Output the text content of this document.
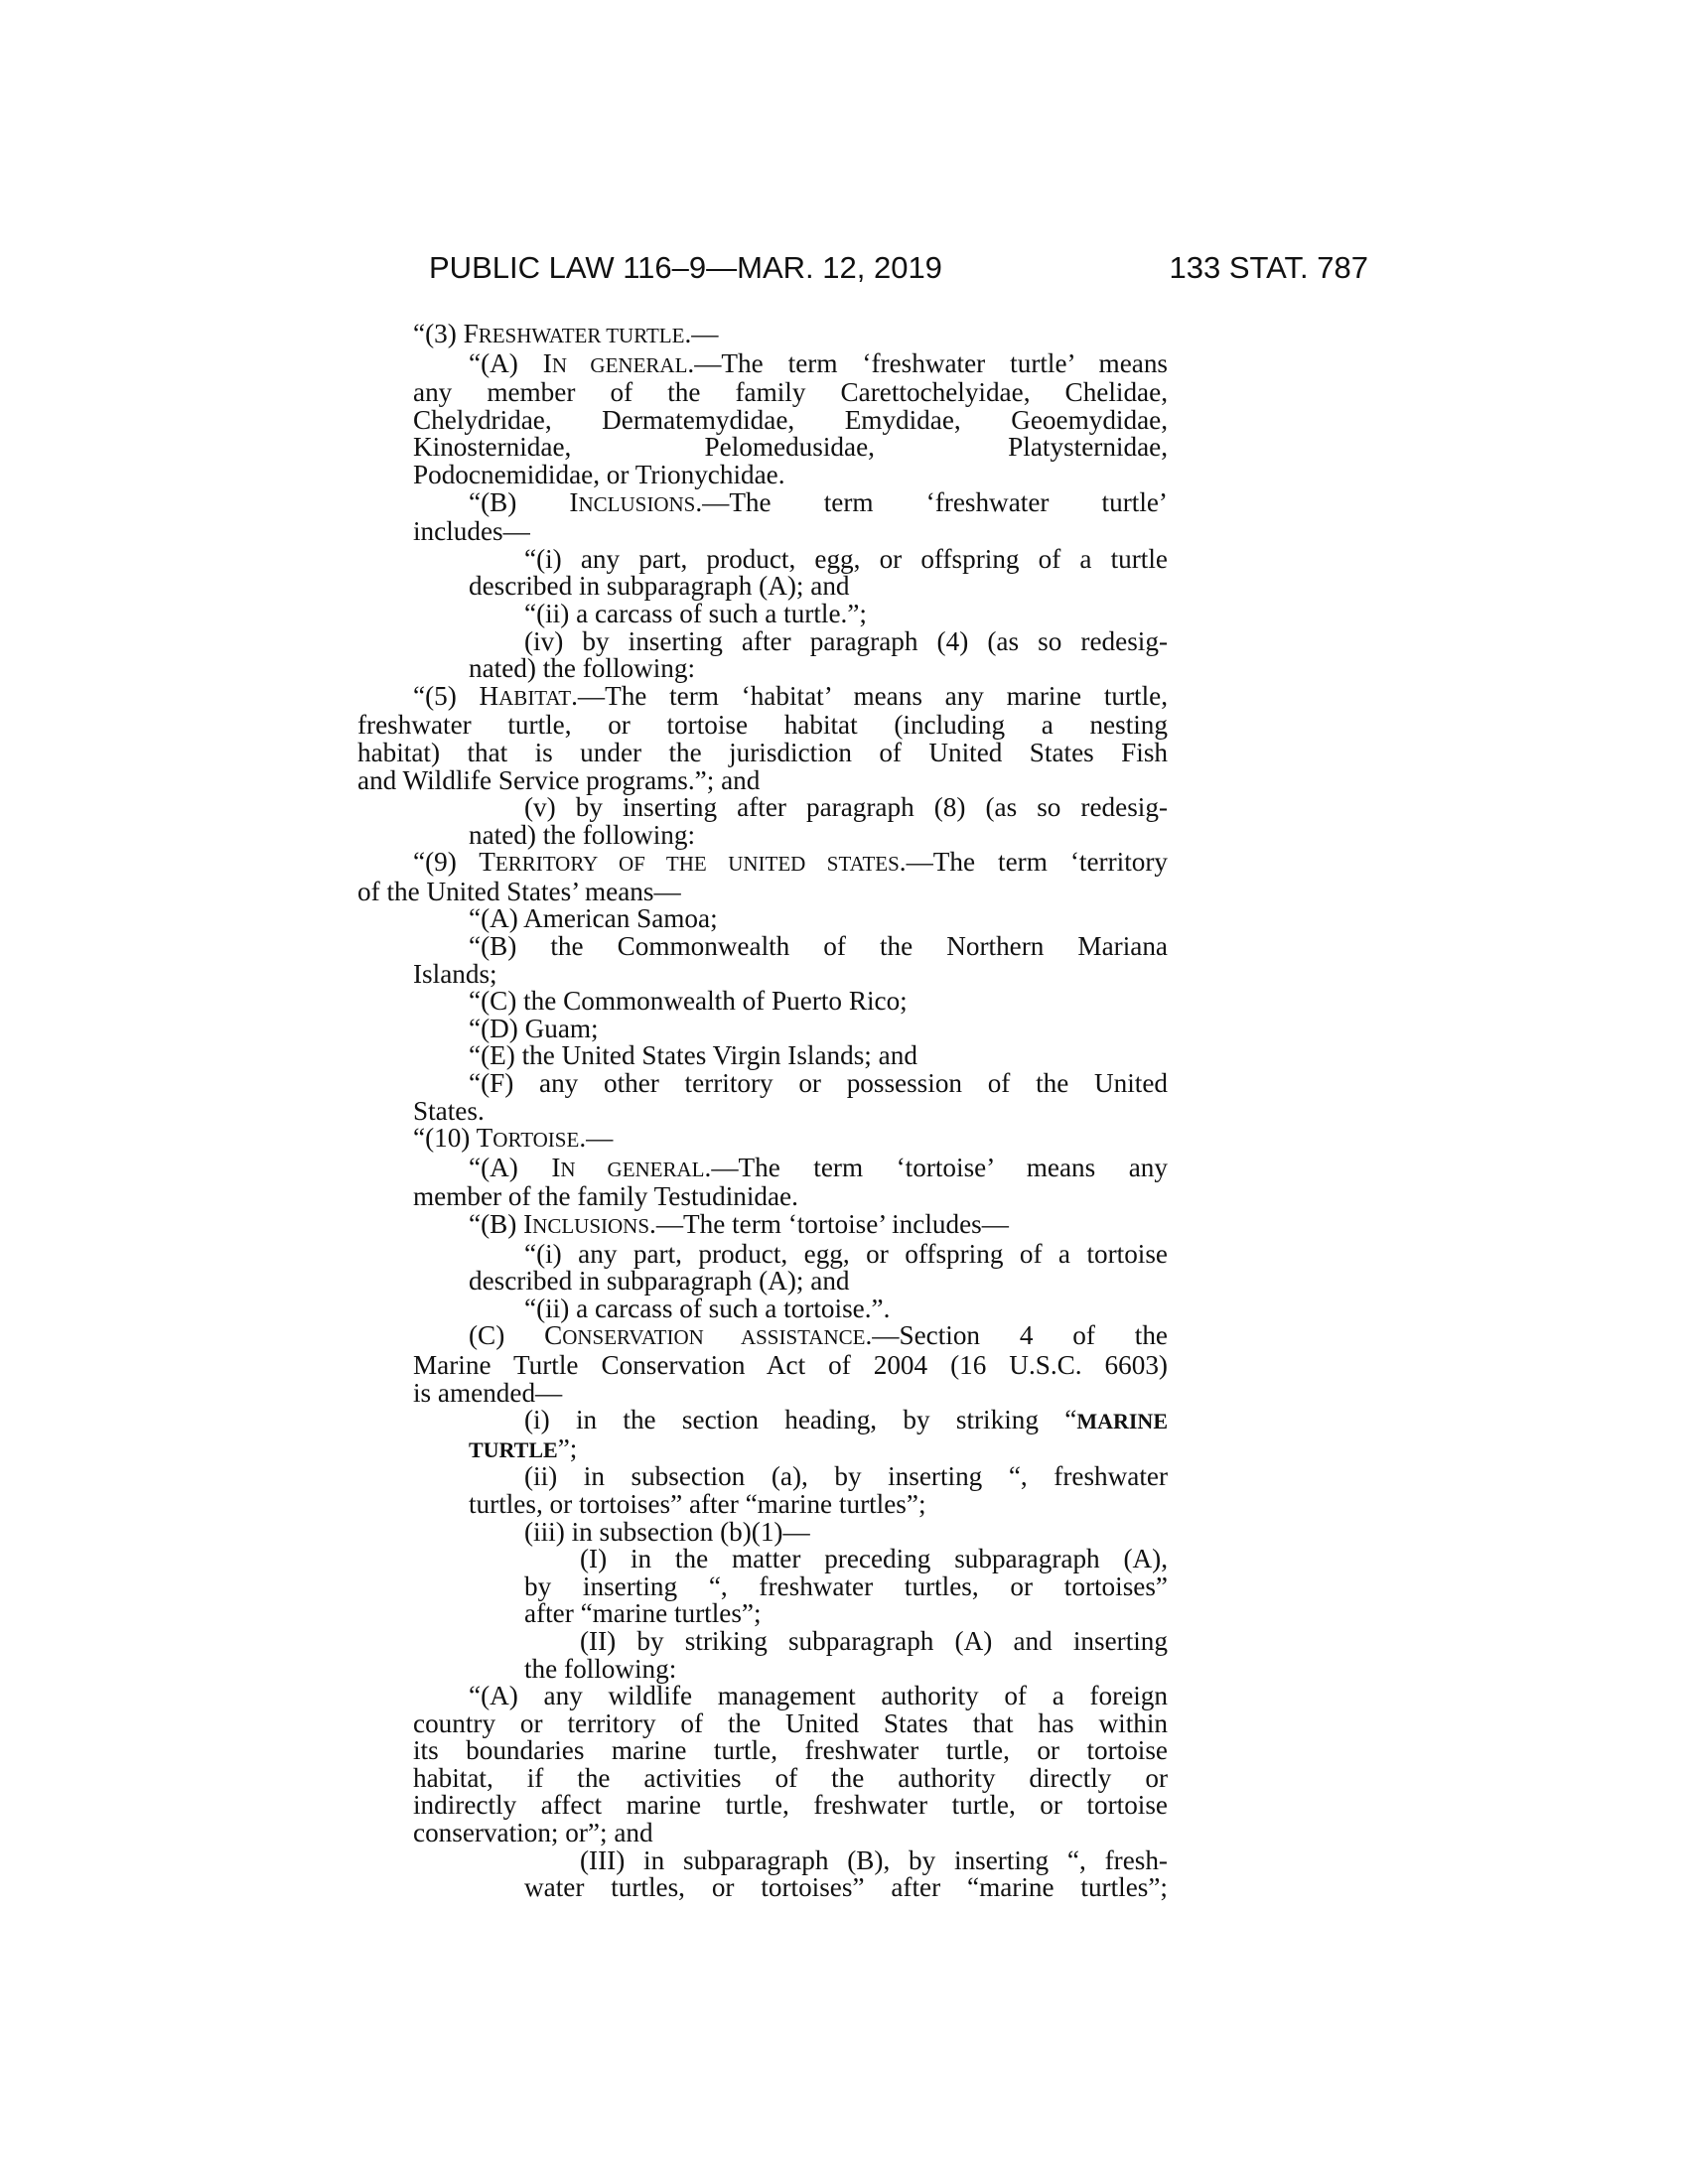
PUBLIC LAW 116–9—MAR. 12, 2019	133 STAT. 787

“(3) FRESHWATER TURTLE.—

“(A) IN GENERAL.—The term ‘freshwater turtle’ means

any member of the family Carettochelyidae, Chelidae,

Chelydridae, Dermatemydidae, Emydidae, Geoemydidae,

Kinosternidae, Pelomedusidae, Platysternidae,

Podocnemididae, or Trionychidae.

“(B) INCLUSIONS.—The term ‘freshwater turtle’

includes—

“(i) any part, product, egg, or offspring of a turtle

described in subparagraph (A); and

“(ii) a carcass of such a turtle.”;

(iv) by inserting after paragraph (4) (as so redesig-

nated) the following:

“(5) HABITAT.—The term ‘habitat’ means any marine turtle,

freshwater turtle, or tortoise habitat (including a nesting

habitat) that is under the jurisdiction of United States Fish

and Wildlife Service programs.”; and

(v) by inserting after paragraph (8) (as so redesig-

nated) the following:

“(9) TERRITORY OF THE UNITED STATES.—The term ‘territory

of the United States’ means—

“(A) American Samoa;

“(B) the Commonwealth of the Northern Mariana

Islands;

“(C) the Commonwealth of Puerto Rico;

“(D) Guam;

“(E) the United States Virgin Islands; and

“(F) any other territory or possession of the United

States.

“(10) TORTOISE.—

“(A) IN GENERAL.—The term ‘tortoise’ means any

member of the family Testudinidae.

“(B) INCLUSIONS.—The term ‘tortoise’ includes—

“(i) any part, product, egg, or offspring of a tortoise

described in subparagraph (A); and

“(ii) a carcass of such a tortoise.”.

(C) CONSERVATION ASSISTANCE.—Section 4 of the

Marine Turtle Conservation Act of 2004 (16 U.S.C. 6603)

is amended—

(i) in the section heading, by striking “MARINE

TURTLE”;

(ii) in subsection (a), by inserting “, freshwater

turtles, or tortoises” after “marine turtles”;

(iii) in subsection (b)(1)—

(I) in the matter preceding subparagraph (A),

by inserting “, freshwater turtles, or tortoises”

after “marine turtles”;

(II) by striking subparagraph (A) and inserting

the following:

“(A) any wildlife management authority of a foreign

country or territory of the United States that has within

its boundaries marine turtle, freshwater turtle, or tortoise

habitat, if the activities of the authority directly or

indirectly affect marine turtle, freshwater turtle, or tortoise

conservation; or”; and

(III) in subparagraph (B), by inserting “, fresh-

water turtles, or tortoises” after “marine turtles”;
